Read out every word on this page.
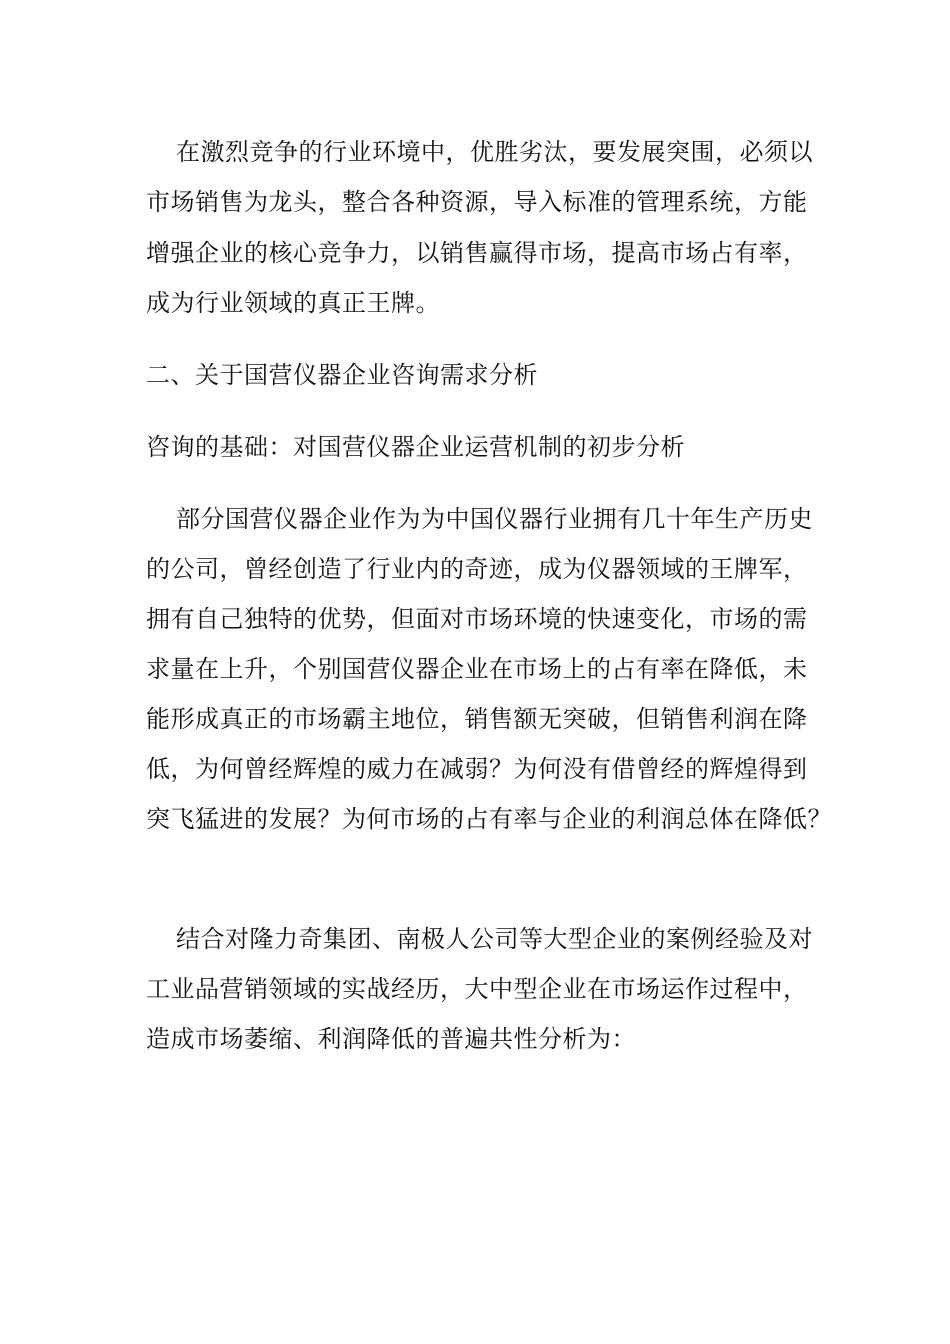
在激烈竞争的行业环境中，优胜劣汰，要发展突围，必须以
市场销售为龙头，整合各种资源，导入标准的管理系统，方能
增强企业的核心竞争力，以销售赢得市场，提高市场占有率，
成为行业领域的真正王牌。
二、关于国营仪器企业咨询需求分析
咨询的基础：对国营仪器企业运营机制的初步分析
部分国营仪器企业作为为中国仪器行业拥有几十年生产历史
的公司，曾经创造了行业内的奇迹，成为仪器领域的王牌军，
拥有自己独特的优势，但面对市场环境的快速变化，市场的需
求量在上升，个别国营仪器企业在市场上的占有率在降低，未
能形成真正的市场霸主地位，销售额无突破，但销售利润在降
低，为何曾经辉煌的威力在减弱？为何没有借曾经的辉煌得到
突飞猛进的发展？为何市场的占有率与企业的利润总体在降低？
结合对隆力奇集团、南极人公司等大型企业的案例经验及对
工业品营销领域的实战经历，大中型企业在市场运作过程中，
造成市场萎缩、利润降低的普遍共性分析为：
